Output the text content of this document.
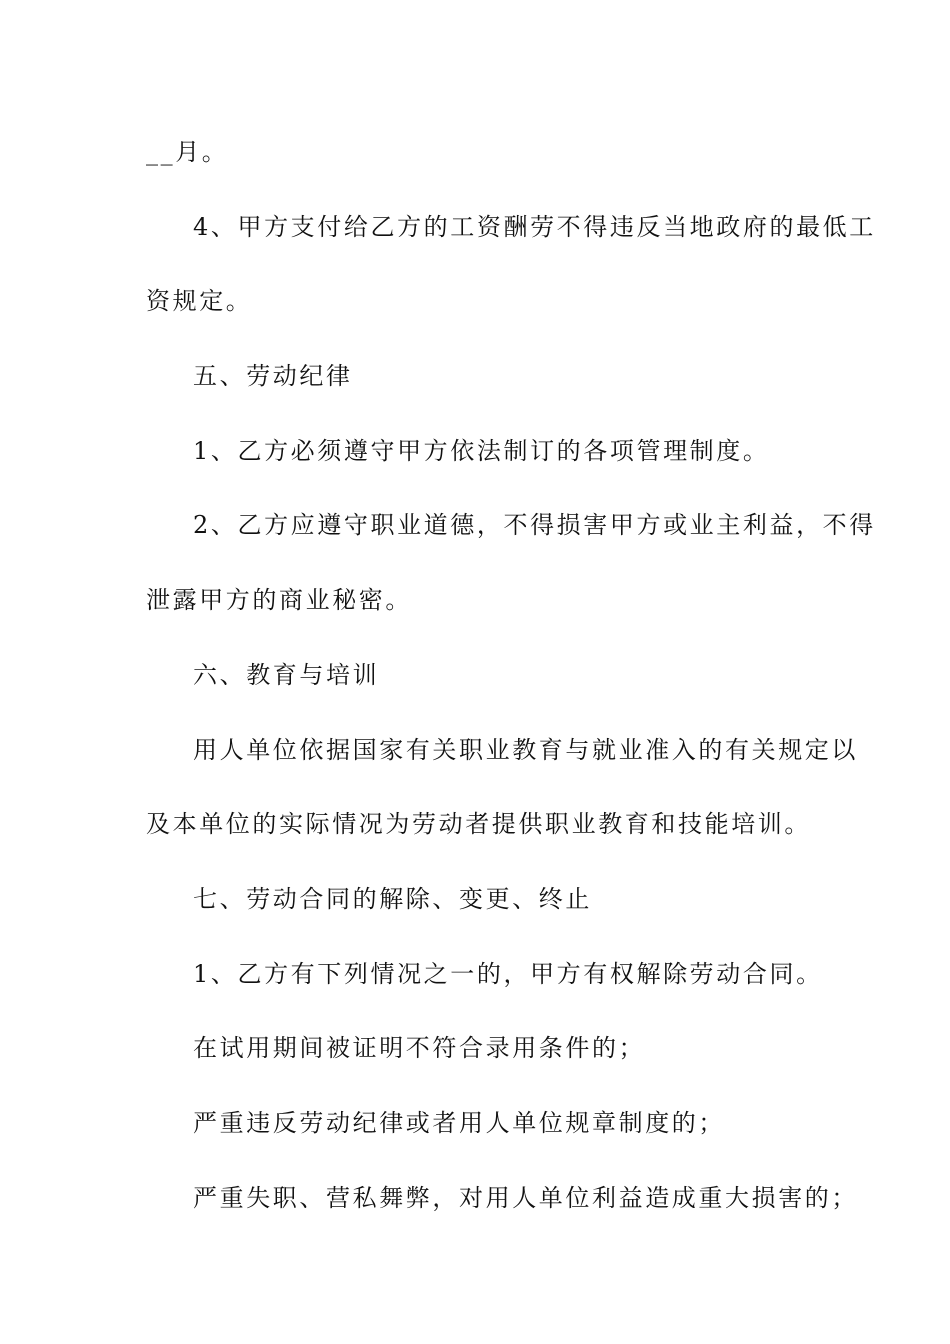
__月。
4、甲方支付给乙方的工资酬劳不得违反当地政府的最低工
资规定。
五、劳动纪律
1、乙方必须遵守甲方依法制订的各项管理制度。
2、乙方应遵守职业道德，不得损害甲方或业主利益，不得
泄露甲方的商业秘密。
六、教育与培训
用人单位依据国家有关职业教育与就业准入的有关规定以
及本单位的实际情况为劳动者提供职业教育和技能培训。
七、劳动合同的解除、变更、终止
1、乙方有下列情况之一的，甲方有权解除劳动合同。
在试用期间被证明不符合录用条件的；
严重违反劳动纪律或者用人单位规章制度的；
严重失职、营私舞弊，对用人单位利益造成重大损害的；
